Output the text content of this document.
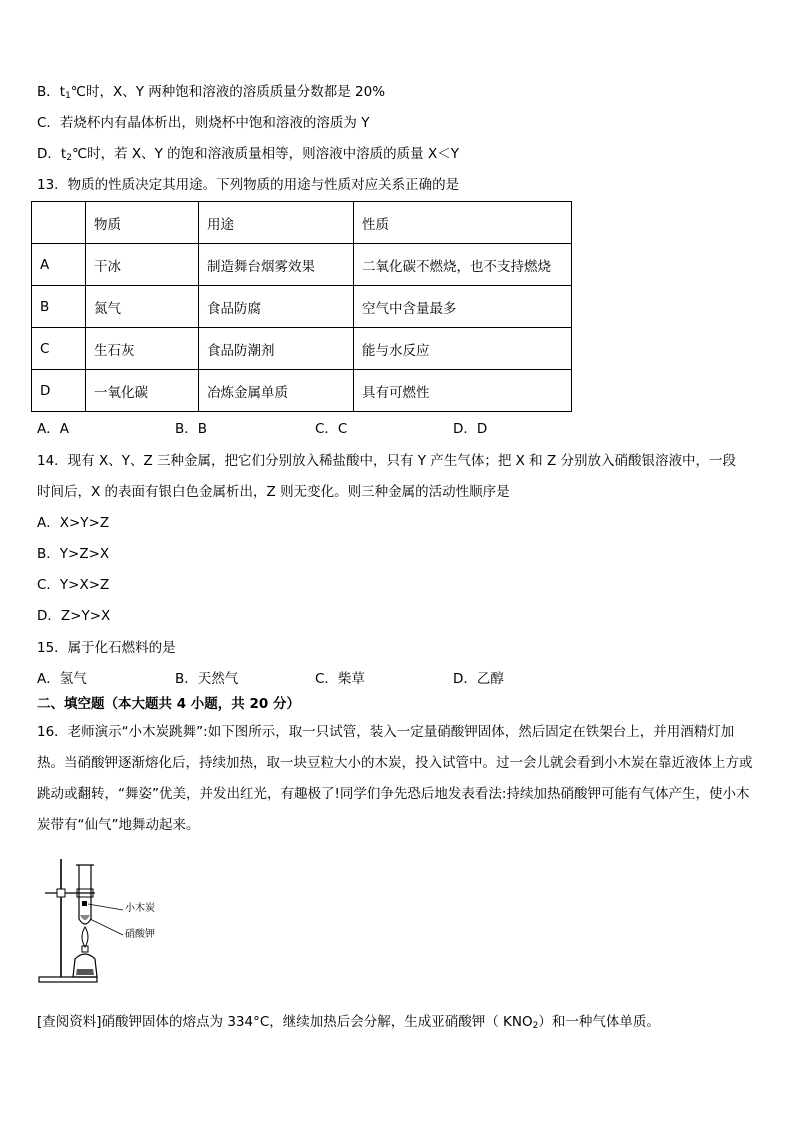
B．$t_1℃$时，X、Y 两种饱和溶液的溶质质量分数都是 20%
C．若烧杯内有晶体析出，则烧杯中饱和溶液的溶质为 Y
D．$t_2℃$时，若 X、Y 的饱和溶液质量相等，则溶液中溶质的质量 X＜Y
13．物质的性质决定其用途。下列物质的用途与性质对应关系正确的是
	物质	用途	性质
A	干冰	制造舞台烟雾效果	二氧化碳不燃烧，也不支持燃烧
B	氮气	食品防腐	空气中含量最多
C	生石灰	食品防潮剂	能与水反应
D	一氧化碳	冶炼金属单质	具有可燃性
A．A	B．B	C．C	D．D
14．现有 X、Y、Z 三种金属，把它们分别放入稀盐酸中，只有 Y 产生气体；把 X 和 Z 分别放入硝酸银溶液中，一段
时间后，X 的表面有银白色金属析出，Z 则无变化。则三种金属的活动性顺序是
A．X>Y>Z
B．Y>Z>X
C．Y>X>Z
D．Z>Y>X
15．属于化石燃料的是
A．氢气	B．天然气	C．柴草	D．乙醇
二、填空题（本大题共 4 小题，共 20 分）
16．老师演示“小木炭跳舞”:如下图所示，取一只试管，装入一定量硝酸钾固体，然后固定在铁架台上，并用酒精灯加热。当硝酸钾逐渐熔化后，持续加热，取一块豆粒大小的木炭，投入试管中。过一会儿就会看到小木炭在靠近液体上方或跳动或翻转，“舞姿”优美，并发出红光，有趣极了!同学们争先恐后地发表看法:持续加热硝酸钾可能有气体产生，使小木炭带有“仙气”地舞动起来。
小木炭
硝酸钾
[查阅资料]硝酸钾固体的熔点为 334°C，继续加热后会分解，生成亚硝酸钾（ $KNO_2$）和一种气体单质。
